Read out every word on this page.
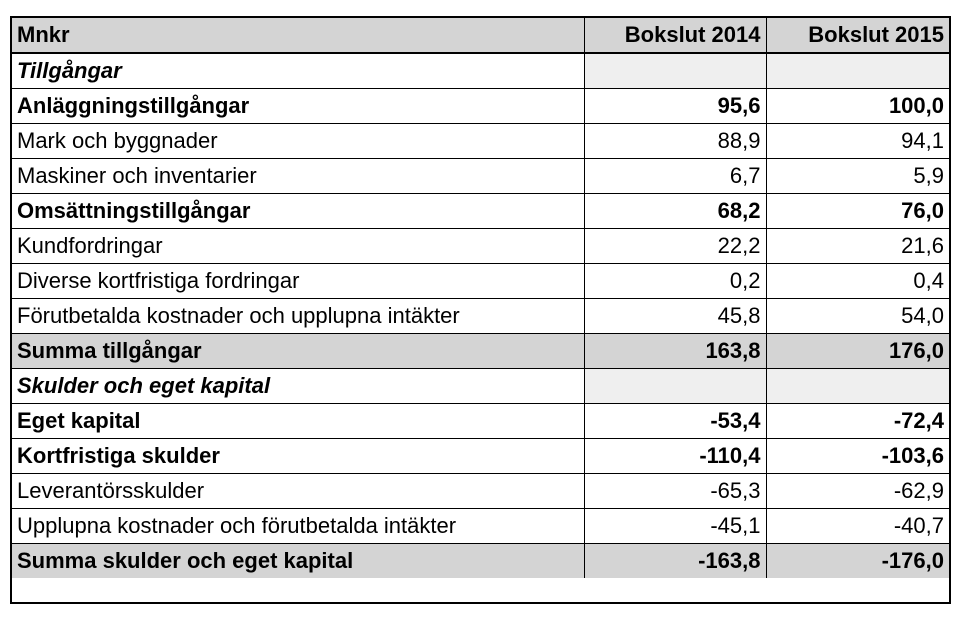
Mnkr	Bokslut 2014	Bokslut 2015
Tillgångar		
Anläggningstillgångar	95,6	100,0
Mark och byggnader	88,9	94,1
Maskiner och inventarier	6,7	5,9
Omsättningstillgångar	68,2	76,0
Kundfordringar	22,2	21,6
Diverse kortfristiga fordringar	0,2	0,4
Förutbetalda kostnader och upplupna intäkter	45,8	54,0
Summa tillgångar	163,8	176,0
Skulder och eget kapital		
Eget kapital	-53,4	-72,4
Kortfristiga skulder	-110,4	-103,6
Leverantörsskulder	-65,3	-62,9
Upplupna kostnader och förutbetalda intäkter	-45,1	-40,7
Summa skulder och eget kapital	-163,8	-176,0
